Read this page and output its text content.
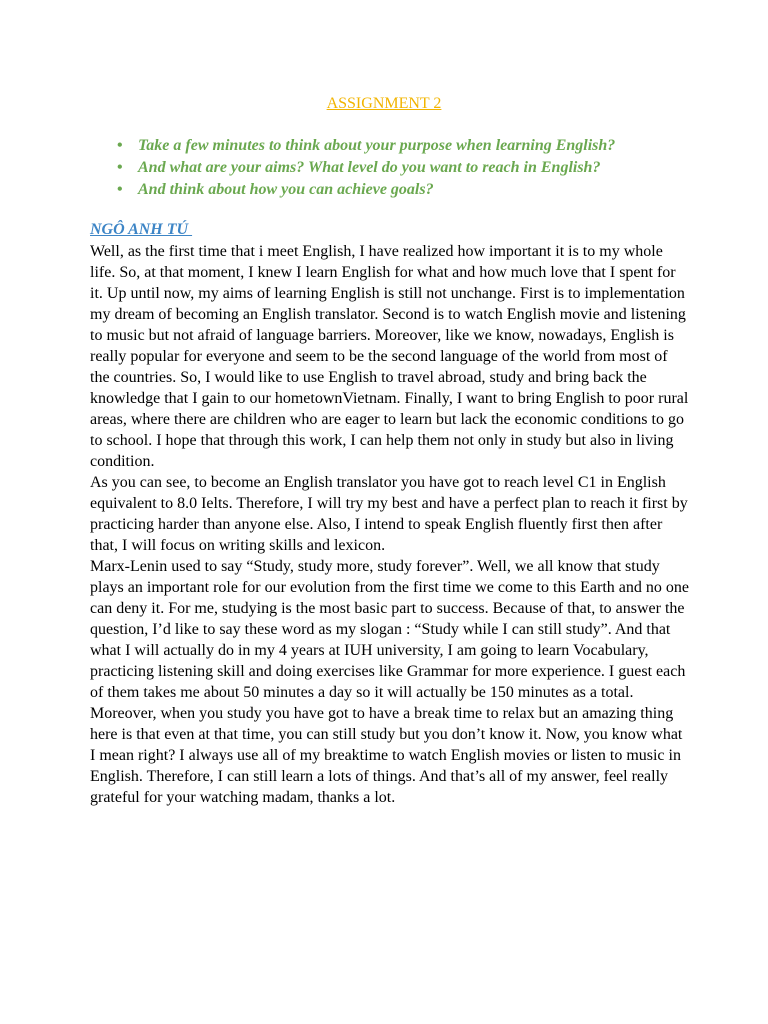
ASSIGNMENT 2
• Take a few minutes to think about your purpose when learning English?
• And what are your aims? What level do you want to reach in English?
• And think about how you can achieve goals?
NGÔ ANH TÚ

Well, as the first time that i meet English, I have realized how important it is to my whole life. So, at that moment, I knew I learn English for what and how much love that I spent for it. Up until now, my aims of learning English is still not unchange. First is to implementation my dream of becoming an English translator. Second is to watch English movie and listening to music but not afraid of language barriers. Moreover, like we know, nowadays, English is really popular for everyone and seem to be the second language of the world from most of the countries. So, I would like to use English to travel abroad, study and bring back the knowledge that I gain to our hometownVietnam. Finally, I want to bring English to poor rural areas, where there are children who are eager to learn but lack the economic conditions to go to school. I hope that through this work, I can help them not only in study but also in living condition.

As you can see, to become an English translator you have got to reach level C1 in English equivalent to 8.0 Ielts. Therefore, I will try my best and have a perfect plan to reach it first by practicing harder than anyone else. Also, I intend to speak English fluently first then after that, I will focus on writing skills and lexicon.

Marx-Lenin used to say “Study, study more, study forever”. Well, we all know that study plays an important role for our evolution from the first time we come to this Earth and no one can deny it. For me, studying is the most basic part to success. Because of that, to answer the question, I’d like to say these word as my slogan : “Study while I can still study”. And that what I will actually do in my 4 years at IUH university, I am going to learn Vocabulary, practicing listening skill and doing exercises like Grammar for more experience. I guest each of them takes me about 50 minutes a day so it will actually be 150 minutes as a total. Moreover, when you study you have got to have a break time to relax but an amazing thing here is that even at that time, you can still study but you don’t know it. Now, you know what I mean right? I always use all of my breaktime to watch English movies or listen to music in English. Therefore, I can still learn a lots of things. And that’s all of my answer, feel really grateful for your watching madam, thanks a lot.
